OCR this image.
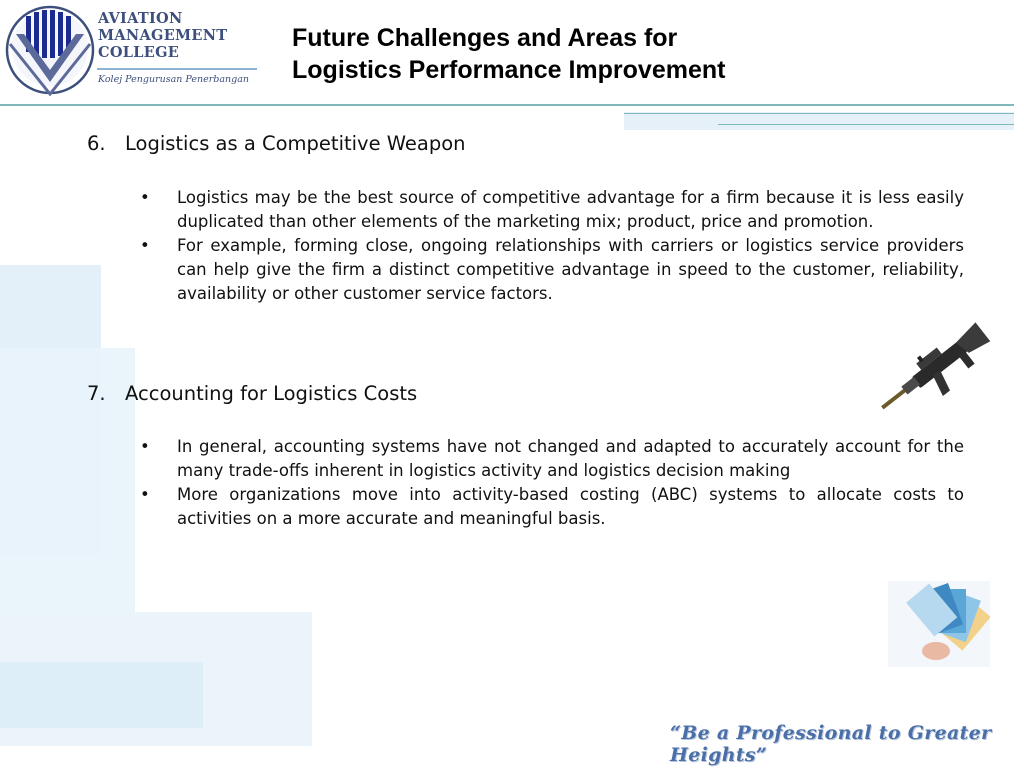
AVIATION
MANAGEMENT
COLLEGE
Kolej Pengurusan Penerbangan
Future Challenges and Areas for
Logistics Performance Improvement
6. Logistics as a Competitive Weapon
• Logistics may be the best source of competitive advantage for a firm because it is less easily duplicated than other elements of the marketing mix; product, price and promotion.
• For example, forming close, ongoing relationships with carriers or logistics service providers can help give the firm a distinct competitive advantage in speed to the customer, reliability, availability or other customer service factors.
7. Accounting for Logistics Costs
• In general, accounting systems have not changed and adapted to accurately account for the many trade-offs inherent in logistics activity and logistics decision making
• More organizations move into activity-based costing (ABC) systems to allocate costs to activities on a more accurate and meaningful basis.
“Be a Professional to Greater Heights”
